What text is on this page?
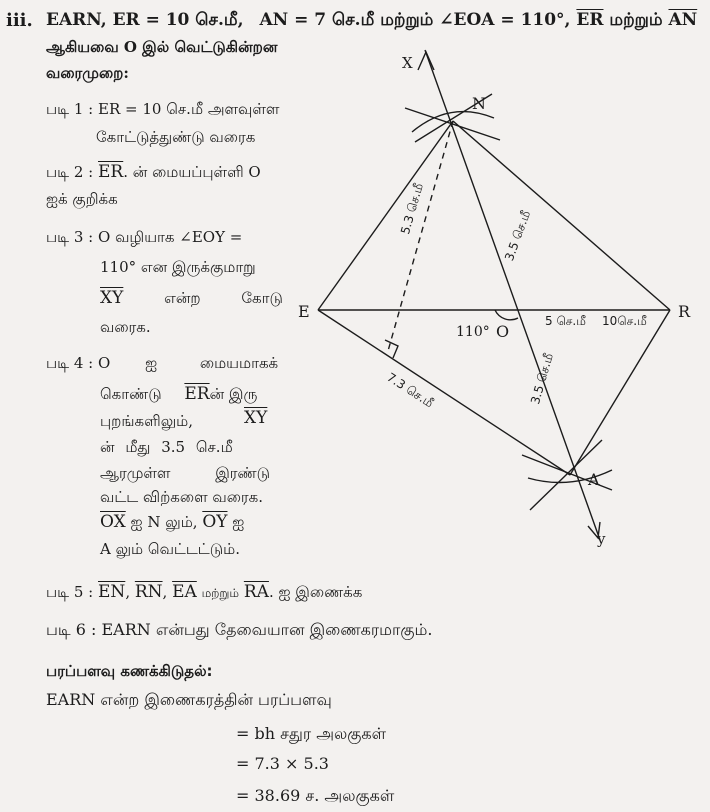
iii. EARN, ER = 10 செ.மீ, AN = 7 செ.மீ மற்றும் ∠EOA = 110°, $\overline{ER}$ மற்றும் $\overline{AN}$
ஆகியவை O இல் வெட்டுகின்றன
வரைமுறை:
படி 1 : ER = 10 செ.மீ அளவுள்ள
கோட்டுத்துண்டு வரைக
படி 2 : $\overline{ER}$. ன் மையப்புள்ளி O
ஐக் குறிக்க
படி 3 : O வழியாக ∠EOY =
110° என இருக்குமாறு
$\overline{XY}$	என்ற	கோடு
வரைக.
படி 4 : O ஐ	மையமாகக்
கொண்டு $\overline{ER}ன்$ இரு
புறங்களிலும்,	$\overline{XY}$
ன் மீது 3.5 செ.மீ
ஆரமுள்ள இரண்டு
வட்ட விற்களை வரைக.
$\overline{OX}$ ஐ N லும், $\overline{OY}$ ஐ
A லும் வெட்டட்டும்.
படி 5 : $\overline{EN}$, $\overline{RN}$, $\overline{EA}$ மற்றும் $\overline{RA}$. ஐ இணைக்க
படி 6 : EARN என்பது தேவையான இணைகரமாகும்.
பரப்பளவு கணக்கிடுதல்:
EARN என்ற இணைகரத்தின் பரப்பளவு
= bh சதுர அலகுகள்
= 7.3 × 5.3
= 38.69 ச. அலகுகள்
X
N
E	R
O
A
y
110°
5 செ.மீ 10செ.மீ
5.3 செ.மீ	3.5 செ.மீ
3.5 செ.மீ
7.3 செ.மீ
